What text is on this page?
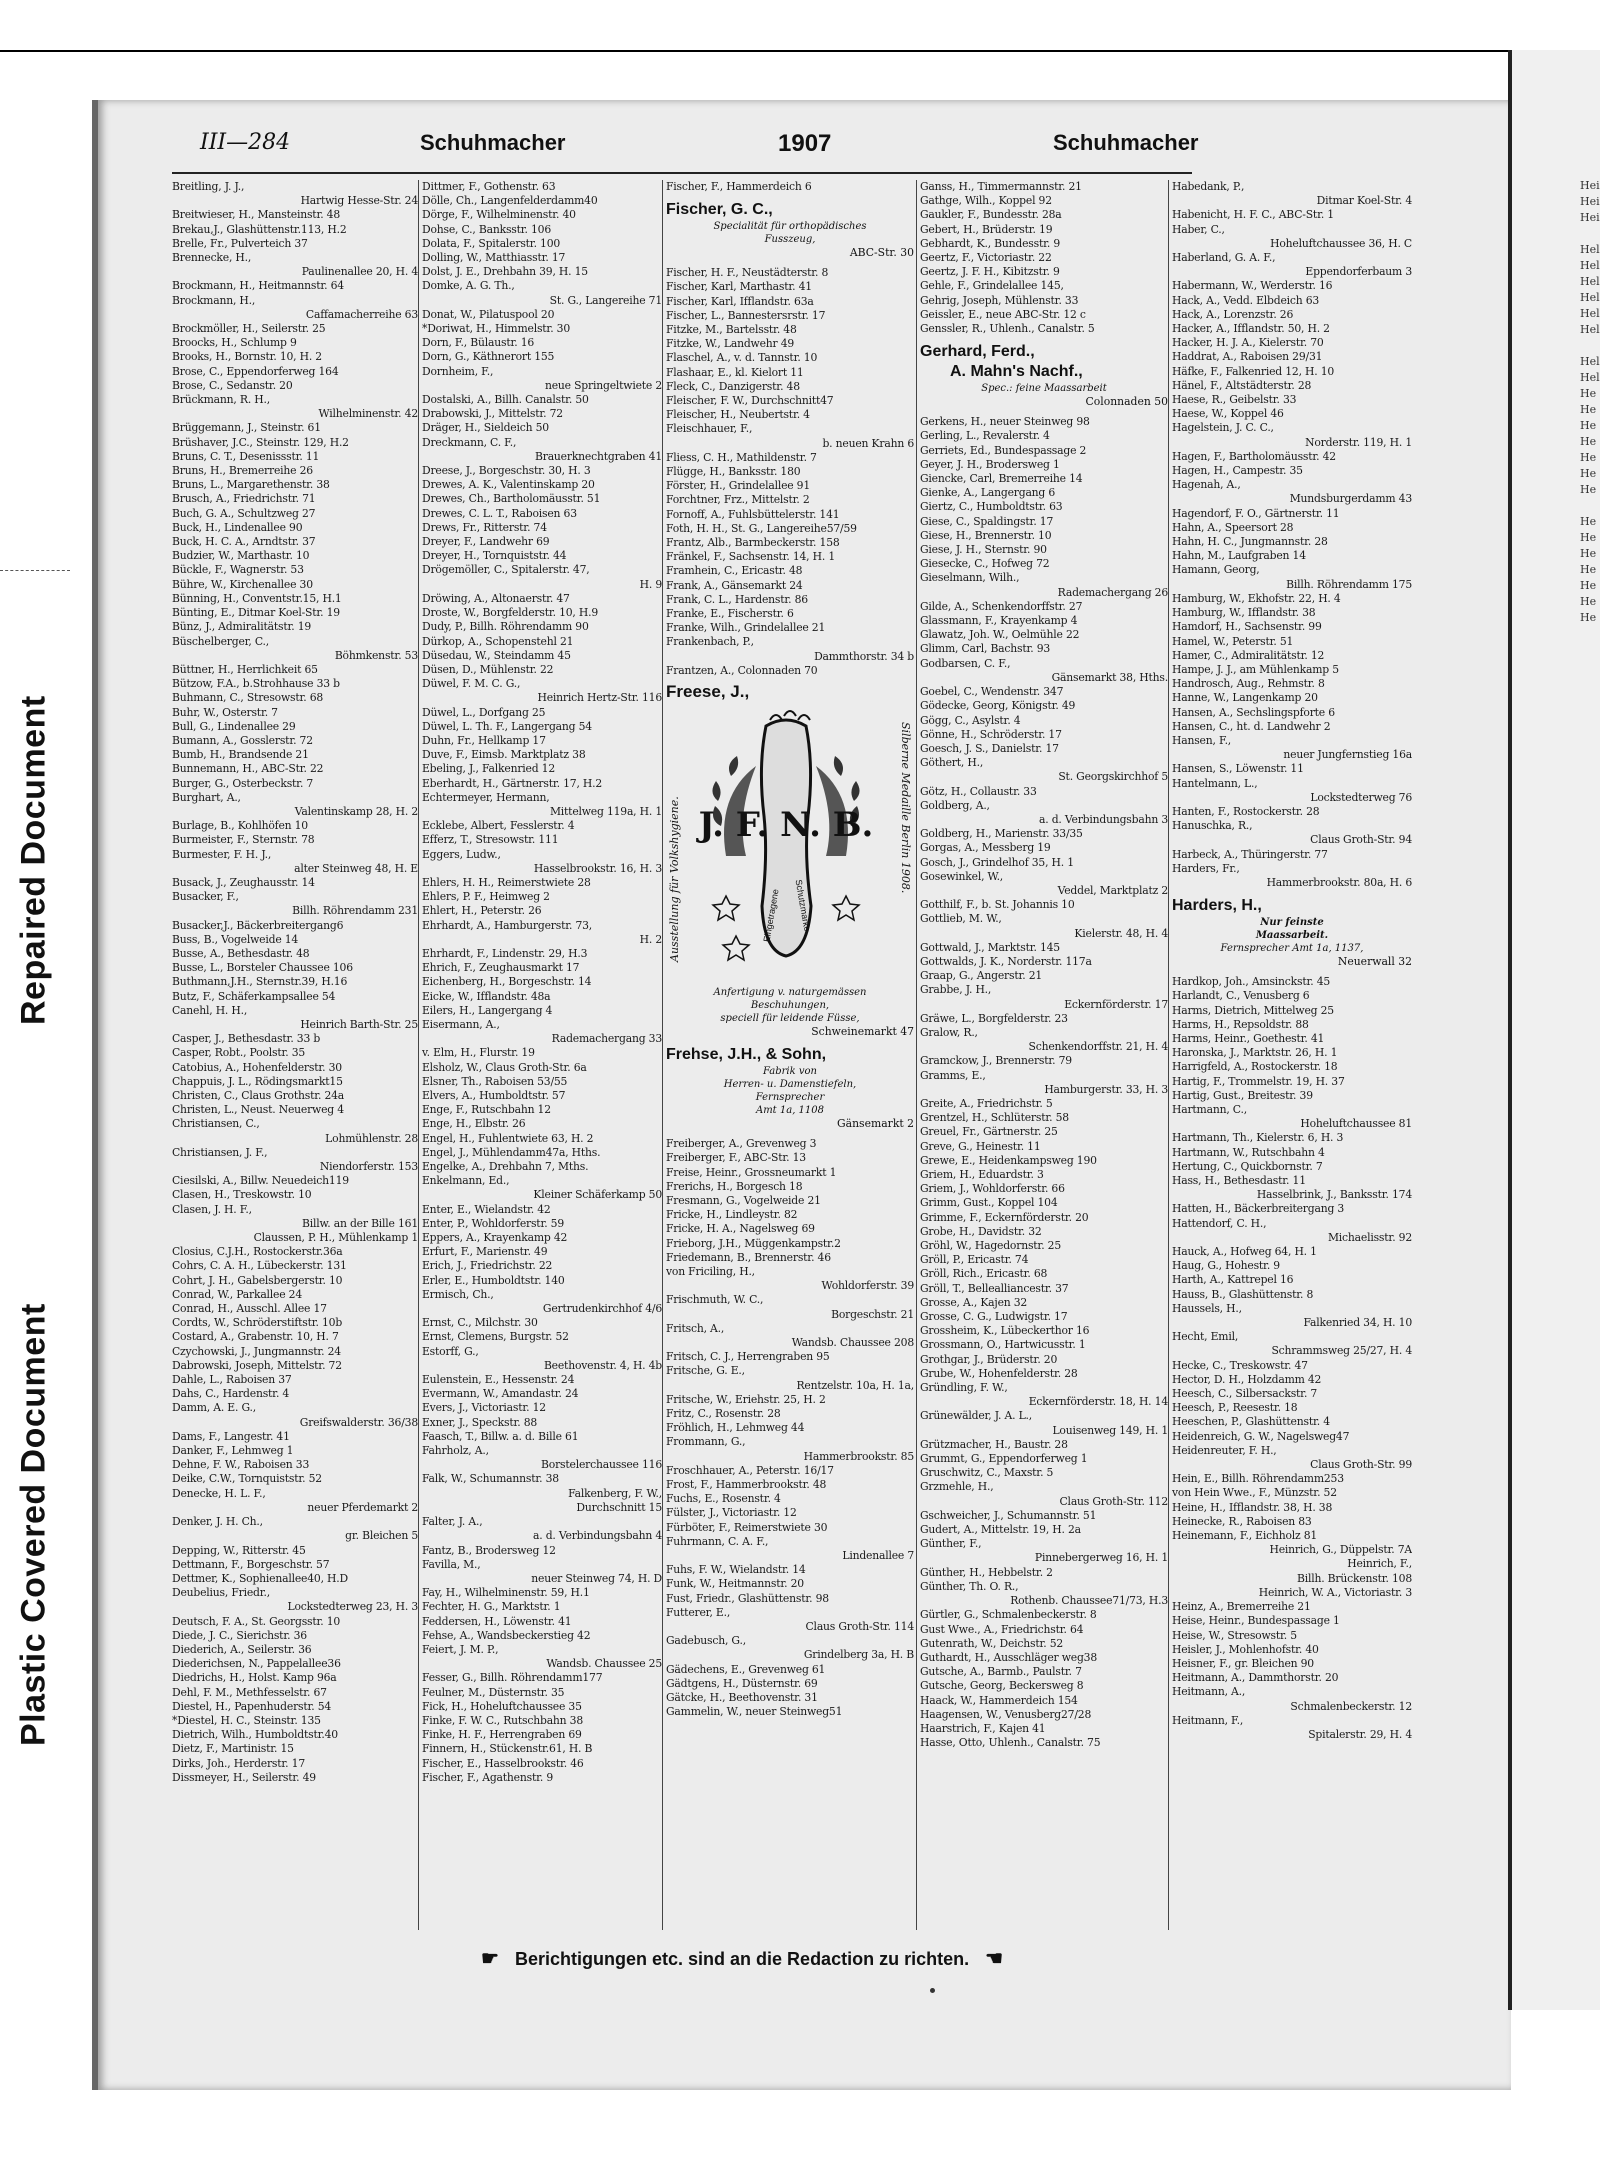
Repaired Document
Plastic Covered Document
Hei
Hei
Hei
Hel
Hel
Hel
Hel
Hel
Hel
Hel
Hel
He
He
He
He
He
He
He
He
He
He
He
He
He
He
III—284	Schuhmacher	1907	Schuhmacher
Breitling, J. J.,
Hartwig Hesse-Str. 24
Breitwieser, H., Mansteinstr. 48
Brekau,J., Glashüttenstr.113, H.2
Brelle, Fr., Pulverteich 37
Brennecke, H.,
Paulinenallee 20, H. 4
Brockmann, H., Heitmannstr. 64
Brockmann, H.,
Caffamacherreihe 63
Brockmöller, H., Seilerstr. 25
Broocks, H., Schlump 9
Brooks, H., Bornstr. 10, H. 2
Brose, C., Eppendorferweg 164
Brose, C., Sedanstr. 20
Brückmann, R. H.,
Wilhelminenstr. 42
Brüggemann, J., Steinstr. 61
Brüshaver, J.C., Steinstr. 129, H.2
Bruns, C. T., Desenissstr. 11
Bruns, H., Bremerreihe 26
Bruns, L., Margarethenstr. 38
Brusch, A., Friedrichstr. 71
Buch, G. A., Schultzweg 27
Buck, H., Lindenallee 90
Buck, H. C. A., Arndtstr. 37
Budzier, W., Marthastr. 10
Bückle, F., Wagnerstr. 53
Bühre, W., Kirchenallee 30
Bünning, H., Conventstr.15, H.1
Bünting, E., Ditmar Koel-Str. 19
Bünz, J., Admiralitätstr. 19
Büschelberger, C.,
Böhmkenstr. 53
Büttner, H., Herrlichkeit 65
Bützow, F.A., b.Strohhause 33 b
Buhmann, C., Stresowstr. 68
Buhr, W., Osterstr. 7
Bull, G., Lindenallee 29
Bumann, A., Gosslerstr. 72
Bumb, H., Brandsende 21
Bunnemann, H., ABC-Str. 22
Burger, G., Osterbeckstr. 7
Burghart, A.,
Valentinskamp 28, H. 2
Burlage, B., Kohlhöfen 10
Burmeister, F., Sternstr. 78
Burmester, F. H. J.,
alter Steinweg 48, H. E
Busack, J., Zeughausstr. 14
Busacker, F.,
Billh. Röhrendamm 231
Busacker,J., Bäckerbreitergang6
Buss, B., Vogelweide 14
Busse, A., Bethesdastr. 48
Busse, L., Borsteler Chaussee 106
Buthmann,J.H., Sternstr.39, H.16
Butz, F., Schäferkampsallee 54
Canehl, H. H.,
Heinrich Barth-Str. 25
Casper, J., Bethesdastr. 33 b
Casper, Robt., Poolstr. 35
Catobius, A., Hohenfelderstr. 30
Chappuis, J. L., Rödingsmarkt15
Christen, C., Claus Grothstr. 24a
Christen, L., Neust. Neuerweg 4
Christiansen, C.,
Lohmühlenstr. 28
Christiansen, J. F.,
Niendorferstr. 153
Ciesilski, A., Billw. Neuedeich119
Clasen, H., Treskowstr. 10
Clasen, J. H. F.,
Billw. an der Bille 161
Claussen, P. H., Mühlenkamp 1
Closius, C.J.H., Rostockerstr.36a
Cohrs, C. A. H., Lübeckerstr. 131
Cohrt, J. H., Gabelsbergerstr. 10
Conrad, W., Parkallee 24
Conrad, H., Ausschl. Allee 17
Cordts, W., Schröderstiftstr. 10b
Costard, A., Grabenstr. 10, H. 7
Czychowski, J., Jungmannstr. 24
Dabrowski, Joseph, Mittelstr. 72
Dahle, L., Raboisen 37
Dahs, C., Hardenstr. 4
Damm, A. E. G.,
Greifswalderstr. 36/38
Dams, F., Langestr. 41
Danker, F., Lehmweg 1
Dehne, F. W., Raboisen 33
Deike, C.W., Tornquiststr. 52
Denecke, H. L. F.,
neuer Pferdemarkt 2
Denker, J. H. Ch.,
gr. Bleichen 5
Depping, W., Ritterstr. 45
Dettmann, F., Borgeschstr. 57
Dettmer, K., Sophienallee40, H.D
Deubelius, Friedr.,
Lockstedterweg 23, H. 3
Deutsch, F. A., St. Georgsstr. 10
Diede, J. C., Sierichstr. 36
Diederich, A., Seilerstr. 36
Diederichsen, N., Pappelallee36
Diedrichs, H., Holst. Kamp 96a
Dehl, F. M., Methfesselstr. 67
Diestel, H., Papenhuderstr. 54
*Diestel, H. C., Steinstr. 135
Dietrich, Wilh., Humboldtstr.40
Dietz, F., Martinistr. 15
Dirks, Joh., Herderstr. 17
Dissmeyer, H., Seilerstr. 49
Dittmer, F., Gothenstr. 63
Dölle, Ch., Langenfelderdamm40
Dörge, F., Wilhelminenstr. 40
Dohse, C., Banksstr. 106
Dolata, F., Spitalerstr. 100
Dolling, W., Matthiasstr. 17
Dolst, J. E., Drehbahn 39, H. 15
Domke, A. G. Th.,
St. G., Langereihe 71
Donat, W., Pilatuspool 20
*Doriwat, H., Himmelstr. 30
Dorn, F., Bülaustr. 16
Dorn, G., Käthnerort 155
Dornheim, F.,
neue Springeltwiete 2
Dostalski, A., Billh. Canalstr. 50
Drabowski, J., Mittelstr. 72
Dräger, H., Sieldeich 50
Dreckmann, C. F.,
Brauerknechtgraben 41
Dreese, J., Borgeschstr. 30, H. 3
Drewes, A. K., Valentinskamp 20
Drewes, Ch., Bartholomäusstr. 51
Drewes, C. L. T., Raboisen 63
Drews, Fr., Ritterstr. 74
Dreyer, F., Landwehr 69
Dreyer, H., Tornquiststr. 44
Drögemöller, C., Spitalerstr. 47,
H. 9
Dröwing, A., Altonaerstr. 47
Droste, W., Borgfelderstr. 10, H.9
Dudy, P., Billh. Röhrendamm 90
Dürkop, A., Schopenstehl 21
Düsedau, W., Steindamm 45
Düsen, D., Mühlenstr. 22
Düwel, F. M. C. G.,
Heinrich Hertz-Str. 116
Düwel, L., Dorfgang 25
Düwel, L. Th. F., Langergang 54
Duhn, Fr., Hellkamp 17
Duve, F., Eimsb. Marktplatz 38
Ebeling, J., Falkenried 12
Eberhardt, H., Gärtnerstr. 17, H.2
Echtermeyer, Hermann,
Mittelweg 119a, H. 1
Ecklebe, Albert, Fesslerstr. 4
Efferz, T., Stresowstr. 111
Eggers, Ludw.,
Hasselbrookstr. 16, H. 3
Ehlers, H. H., Reimerstwiete 28
Ehlers, P. F., Heimweg 2
Ehlert, H., Peterstr. 26
Ehrhardt, A., Hamburgerstr. 73,
H. 2
Ehrhardt, F., Lindenstr. 29, H.3
Ehrich, F., Zeughausmarkt 17
Eichenberg, H., Borgeschstr. 14
Eicke, W., Ifflandstr. 48a
Eilers, H., Langergang 4
Eisermann, A.,
Rademachergang 33
v. Elm, H., Flurstr. 19
Elsholz, W., Claus Groth-Str. 6a
Elsner, Th., Raboisen 53/55
Elvers, A., Humboldtstr. 57
Enge, F., Rutschbahn 12
Enge, H., Elbstr. 26
Engel, H., Fuhlentwiete 63, H. 2
Engel, J., Mühlendamm47a, Hths.
Engelke, A., Drehbahn 7, Mths.
Enkelmann, Ed.,
Kleiner Schäferkamp 50
Enter, E., Wielandstr. 42
Enter, P., Wohldorferstr. 59
Eppers, A., Krayenkamp 42
Erfurt, F., Marienstr. 49
Erich, J., Friedrichstr. 22
Erler, E., Humboldtstr. 140
Ermisch, Ch.,
Gertrudenkirchhof 4/6
Ernst, C., Milchstr. 30
Ernst, Clemens, Burgstr. 52
Estorff, G.,
Beethovenstr. 4, H. 4b
Eulenstein, E., Hessenstr. 24
Evermann, W., Amandastr. 24
Evers, J., Victoriastr. 12
Exner, J., Speckstr. 88
Faasch, T., Billw. a. d. Bille 61
Fahrholz, A.,
Borstelerchaussee 116
Falk, W., Schumannstr. 38
Falkenberg, F. W.,
Durchschnitt 15
Falter, J. A.,
a. d. Verbindungsbahn 4
Fantz, B., Brodersweg 12
Favilla, M.,
neuer Steinweg 74, H. D
Fay, H., Wilhelminenstr. 59, H.1
Fechter, H. G., Marktstr. 1
Feddersen, H., Löwenstr. 41
Fehse, A., Wandsbeckerstieg 42
Feiert, J. M. P.,
Wandsb. Chaussee 25
Fesser, G., Billh. Röhrendamm177
Feulner, M., Düsternstr. 35
Fick, H., Hoheluftchaussee 35
Finke, F. W. C., Rutschbahn 38
Finke, H. F., Herrengraben 69
Finnern, H., Stückenstr.61, H. B
Fischer, E., Hasselbrookstr. 46
Fischer, F., Agathenstr. 9
Fischer, F., Hammerdeich 6
Fischer, G. C.,
Specialität für orthopädisches
Fusszeug,
ABC-Str. 30
Fischer, H. F., Neustädterstr. 8
Fischer, Karl, Marthastr. 41
Fischer, Karl, Ifflandstr. 63a
Fischer, L., Bannestersrstr. 17
Fitzke, M., Bartelsstr. 48
Fitzke, W., Landwehr 49
Flaschel, A., v. d. Tannstr. 10
Flashaar, E., kl. Kielort 11
Fleck, C., Danzigerstr. 48
Fleischer, F. W., Durchschnitt47
Fleischer, H., Neubertstr. 4
Fleischhauer, F.,
b. neuen Krahn 6
Fliess, C. H., Mathildenstr. 7
Flügge, H., Banksstr. 180
Förster, H., Grindelallee 91
Forchtner, Frz., Mittelstr. 2
Fornoff, A., Fuhlsbüttelerstr. 141
Foth, H. H., St. G., Langereihe57/59
Frantz, Alb., Barmbeckerstr. 158
Fränkel, F., Sachsenstr. 14, H. 1
Framhein, C., Ericastr. 48
Frank, A., Gänsemarkt 24
Frank, C. L., Hardenstr. 86
Franke, E., Fischerstr. 6
Franke, Wilh., Grindelallee 21
Frankenbach, P.,
Dammthorstr. 34 b
Frantzen, A., Colonnaden 70
Freese, J.,
Ausstellung für Volkshygiene.	Silberne Medaille Berlin 1908.
J. F. N. B.
Eingetragene Schutzmarke
Anfertigung v. naturgemässen
Beschuhungen,
speciell für leidende Füsse,
Schweinemarkt 47
Frehse, J.H., & Sohn,
Fabrik von
Herren- u. Damenstiefeln,
Fernsprecher
Amt 1a, 1108
Gänsemarkt 2
Freiberger, A., Grevenweg 3
Freiberger, F., ABC-Str. 13
Freise, Heinr., Grossneumarkt 1
Frerichs, H., Borgesch 18
Fresmann, G., Vogelweide 21
Fricke, H., Lindleystr. 82
Fricke, H. A., Nagelsweg 69
Frieborg, J.H., Müggenkampstr.2
Friedemann, B., Brennerstr. 46
von Friciling, H.,
Wohldorferstr. 39
Frischmuth, W. C.,
Borgeschstr. 21
Fritsch, A.,
Wandsb. Chaussee 208
Fritsch, C. J., Herrengraben 95
Fritsche, G. E.,
Rentzelstr. 10a, H. 1a,
Fritsche, W., Eriehstr. 25, H. 2
Fritz, C., Rosenstr. 28
Fröhlich, H., Lehmweg 44
Frommann, G.,
Hammerbrookstr. 85
Froschhauer, A., Peterstr. 16/17
Frost, F., Hammerbrookstr. 48
Fuchs, E., Rosenstr. 4
Fülster, J., Victoriastr. 12
Fürböter, F., Reimerstwiete 30
Fuhrmann, C. A. F.,
Lindenallee 7
Fuhs, F. W., Wielandstr. 14
Funk, W., Heitmannstr. 20
Fust, Friedr., Glashüttenstr. 98
Futterer, E.,
Claus Groth-Str. 114
Gadebusch, G.,
Grindelberg 3a, H. B
Gädechens, E., Grevenweg 61
Gädtgens, H., Düsternstr. 69
Gätcke, H., Beethovenstr. 31
Gammelin, W., neuer Steinweg51
Ganss, H., Timmermannstr. 21
Gathge, Wilh., Koppel 92
Gaukler, F., Bundesstr. 28a
Gebert, H., Brüderstr. 19
Gebhardt, K., Bundesstr. 9
Geertz, F., Victoriastr. 22
Geertz, J. F. H., Kibitzstr. 9
Gehle, F., Grindelallee 145,
Gehrig, Joseph, Mühlenstr. 33
Geissler, E., neue ABC-Str. 12 c
Genssler, R., Uhlenh., Canalstr. 5
Gerhard, Ferd.,
A. Mahn's Nachf.,
Spec.: feine Maassarbeit
Colonnaden 50
Gerkens, H., neuer Steinweg 98
Gerling, L., Revalerstr. 4
Gerriets, Ed., Bundespassage 2
Geyer, J. H., Brodersweg 1
Giencke, Carl, Bremerreihe 14
Gienke, A., Langergang 6
Giertz, C., Humboldtstr. 63
Giese, C., Spaldingstr. 17
Giese, H., Brennerstr. 10
Giese, J. H., Sternstr. 90
Giesecke, C., Hofweg 72
Gieselmann, Wilh.,
Rademachergang 26
Gilde, A., Schenkendorffstr. 27
Glassmann, F., Krayenkamp 4
Glawatz, Joh. W., Oelmühle 22
Glimm, Carl, Bachstr. 93
Godbarsen, C. F.,
Gänsemarkt 38, Hths.
Goebel, C., Wendenstr. 347
Gödecke, Georg, Königstr. 49
Gögg, C., Asylstr. 4
Gönne, H., Schröderstr. 17
Goesch, J. S., Danielstr. 17
Göthert, H.,
St. Georgskirchhof 5
Götz, H., Collaustr. 33
Goldberg, A.,
a. d. Verbindungsbahn 3
Goldberg, H., Marienstr. 33/35
Gorgas, A., Messberg 19
Gosch, J., Grindelhof 35, H. 1
Gosewinkel, W.,
Veddel, Marktplatz 2
Gotthilf, F., b. St. Johannis 10
Gottlieb, M. W.,
Kielerstr. 48, H. 4
Gottwald, J., Marktstr. 145
Gottwalds, J. K., Norderstr. 117a
Graap, G., Angerstr. 21
Grabbe, J. H.,
Eckernförderstr. 17
Gräwe, L., Borgfelderstr. 23
Gralow, R.,
Schenkendorffstr. 21, H. 4
Gramckow, J., Brennerstr. 79
Gramms, E.,
Hamburgerstr. 33, H. 3
Greite, A., Friedrichstr. 5
Grentzel, H., Schlüterstr. 58
Greuel, Fr., Gärtnerstr. 25
Greve, G., Heinestr. 11
Grewe, E., Heidenkampsweg 190
Griem, H., Eduardstr. 3
Griem, J., Wohldorferstr. 66
Grimm, Gust., Koppel 104
Grimme, F., Eckernförderstr. 20
Grobe, H., Davidstr. 32
Gröhl, W., Hagedornstr. 25
Gröll, P., Ericastr. 74
Gröll, Rich., Ericastr. 68
Gröll, T., Bellealliancestr. 37
Grosse, A., Kajen 32
Grosse, C. G., Ludwigstr. 17
Grossheim, K., Lübeckerthor 16
Grossmann, O., Hartwicusstr. 1
Grothgar, J., Brüderstr. 20
Grube, W., Hohenfelderstr. 28
Gründling, F. W.,
Eckernförderstr. 18, H. 14
Grünewälder, J. A. L.,
Louisenweg 149, H. 1
Grützmacher, H., Baustr. 28
Grummt, G., Eppendorferweg 1
Gruschwitz, C., Maxstr. 5
Grzmehle, H.,
Claus Groth-Str. 112
Gschweicher, J., Schumannstr. 51
Gudert, A., Mittelstr. 19, H. 2a
Günther, F.,
Pinnebergerweg 16, H. 1
Günther, H., Hebbelstr. 2
Günther, Th. O. R.,
Rothenb. Chaussee71/73, H.3
Gürtler, G., Schmalenbeckerstr. 8
Gust Wwe., A., Friedrichstr. 64
Gutenrath, W., Deichstr. 52
Guthardt, H., Ausschläger weg38
Gutsche, A., Barmb., Paulstr. 7
Gutsche, Georg, Beckersweg 8
Haack, W., Hammerdeich 154
Haagensen, W., Venusberg27/28
Haarstrich, F., Kajen 41
Hasse, Otto, Uhlenh., Canalstr. 75
Habedank, P.,
Ditmar Koel-Str. 4
Habenicht, H. F. C., ABC-Str. 1
Haber, C.,
Hoheluftchaussee 36, H. C
Haberland, G. A. F.,
Eppendorferbaum 3
Habermann, W., Werderstr. 16
Hack, A., Vedd. Elbdeich 63
Hack, A., Lorenzstr. 26
Hacker, A., Ifflandstr. 50, H. 2
Hacker, H. J. A., Kielerstr. 70
Haddrat, A., Raboisen 29/31
Häfke, F., Falkenried 12, H. 10
Hänel, F., Altstädterstr. 28
Haese, R., Geibelstr. 33
Haese, W., Koppel 46
Hagelstein, J. C. C.,
Norderstr. 119, H. 1
Hagen, F., Bartholomäusstr. 42
Hagen, H., Campestr. 35
Hagenah, A.,
Mundsburgerdamm 43
Hagendorf, F. O., Gärtnerstr. 11
Hahn, A., Speersort 28
Hahn, H. C., Jungmannstr. 28
Hahn, M., Laufgraben 14
Hamann, Georg,
Billh. Röhrendamm 175
Hamburg, W., Ekhofstr. 22, H. 4
Hamburg, W., Ifflandstr. 38
Hamdorf, H., Sachsenstr. 99
Hamel, W., Peterstr. 51
Hamer, C., Admiralitätstr. 12
Hampe, J. J., am Mühlenkamp 5
Handrosch, Aug., Rehmstr. 8
Hanne, W., Langenkamp 20
Hansen, A., Sechslingspforte 6
Hansen, C., ht. d. Landwehr 2
Hansen, F.,
neuer Jungfernstieg 16a
Hansen, S., Löwenstr. 11
Hantelmann, L.,
Lockstedterweg 76
Hanten, F., Rostockerstr. 28
Hanuschka, R.,
Claus Groth-Str. 94
Harbeck, A., Thüringerstr. 77
Harders, Fr.,
Hammerbrookstr. 80a, H. 6
Harders, H.,
Nur feinste
Maassarbeit.
Fernsprecher Amt 1a, 1137,
Neuerwall 32
Hardkop, Joh., Amsinckstr. 45
Harlandt, C., Venusberg 6
Harms, Dietrich, Mittelweg 25
Harms, H., Repsoldstr. 88
Harms, Heinr., Goethestr. 41
Haronska, J., Marktstr. 26, H. 1
Harrigfeld, A., Rostockerstr. 18
Hartig, F., Trommelstr. 19, H. 37
Hartig, Gust., Breitestr. 39
Hartmann, C.,
Hoheluftchaussee 81
Hartmann, Th., Kielerstr. 6, H. 3
Hartmann, W., Rutschbahn 4
Hertung, C., Quickbornstr. 7
Hass, H., Bethesdastr. 11
Hasselbrink, J., Banksstr. 174
Hatten, H., Bäckerbreitergang 3
Hattendorf, C. H.,
Michaelisstr. 92
Hauck, A., Hofweg 64, H. 1
Haug, G., Hohestr. 9
Harth, A., Kattrepel 16
Hauss, B., Glashüttenstr. 8
Haussels, H.,
Falkenried 34, H. 10
Hecht, Emil,
Schrammsweg 25/27, H. 4
Hecke, C., Treskowstr. 47
Hector, D. H., Holzdamm 42
Heesch, C., Silbersackstr. 7
Heesch, P., Reesestr. 18
Heeschen, P., Glashüttenstr. 4
Heidenreich, G. W., Nagelsweg47
Heidenreuter, F. H.,
Claus Groth-Str. 99
Hein, E., Billh. Röhrendamm253
von Hein Wwe., F., Münzstr. 52
Heine, H., Ifflandstr. 38, H. 38
Heinecke, R., Raboisen 83
Heinemann, F., Eichholz 81
Heinrich, G., Düppelstr. 7A
Heinrich, F.,
Billh. Brückenstr. 108
Heinrich, W. A., Victoriastr. 3
Heinz, A., Bremerreihe 21
Heise, Heinr., Bundespassage 1
Heise, W., Stresowstr. 5
Heisler, J., Mohlenhofstr. 40
Heisner, F., gr. Bleichen 90
Heitmann, A., Dammthorstr. 20
Heitmann, A.,
Schmalenbeckerstr. 12
Heitmann, F.,
Spitalerstr. 29, H. 4
☛ Berichtigungen etc. sind an die Redaction zu richten. ☚
